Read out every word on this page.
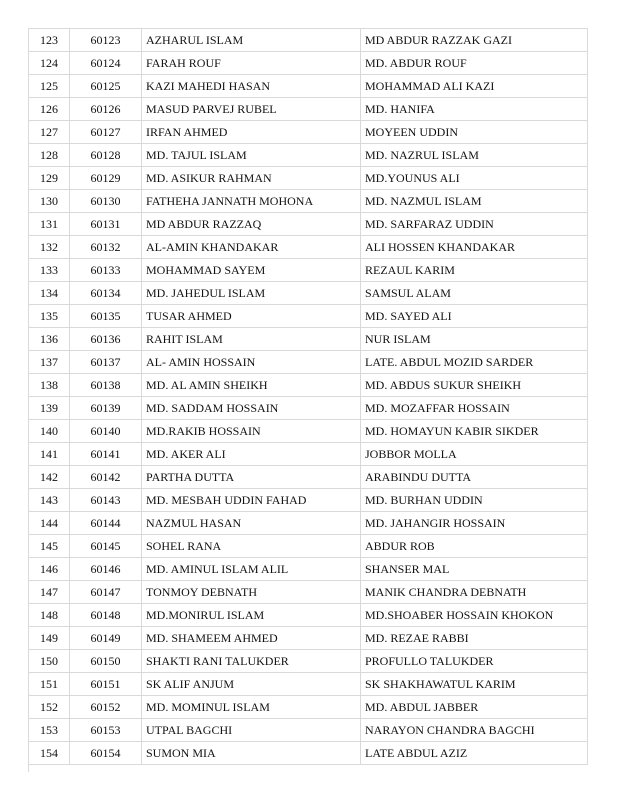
123	60123	AZHARUL ISLAM	MD ABDUR RAZZAK GAZI
124	60124	FARAH ROUF	MD. ABDUR ROUF
125	60125	KAZI MAHEDI HASAN	MOHAMMAD ALI KAZI
126	60126	MASUD PARVEJ RUBEL	MD. HANIFA
127	60127	IRFAN AHMED	MOYEEN UDDIN
128	60128	MD. TAJUL ISLAM	MD. NAZRUL ISLAM
129	60129	MD. ASIKUR RAHMAN	MD.YOUNUS ALI
130	60130	FATHEHA JANNATH MOHONA	MD. NAZMUL ISLAM
131	60131	MD ABDUR RAZZAQ	MD. SARFARAZ UDDIN
132	60132	AL-AMIN KHANDAKAR	ALI HOSSEN KHANDAKAR
133	60133	MOHAMMAD SAYEM	REZAUL KARIM
134	60134	MD. JAHEDUL ISLAM	SAMSUL ALAM
135	60135	TUSAR AHMED	MD. SAYED ALI
136	60136	RAHIT ISLAM	NUR ISLAM
137	60137	AL- AMIN HOSSAIN	LATE. ABDUL MOZID SARDER
138	60138	MD. AL AMIN SHEIKH	MD. ABDUS SUKUR SHEIKH
139	60139	MD. SADDAM HOSSAIN	MD. MOZAFFAR HOSSAIN
140	60140	MD.RAKIB HOSSAIN	MD. HOMAYUN KABIR SIKDER
141	60141	MD. AKER ALI	JOBBOR MOLLA
142	60142	PARTHA DUTTA	ARABINDU DUTTA
143	60143	MD. MESBAH UDDIN FAHAD	MD. BURHAN UDDIN
144	60144	NAZMUL HASAN	MD. JAHANGIR HOSSAIN
145	60145	SOHEL RANA	ABDUR ROB
146	60146	MD. AMINUL ISLAM ALIL	SHANSER MAL
147	60147	TONMOY DEBNATH	MANIK CHANDRA DEBNATH
148	60148	MD.MONIRUL ISLAM	MD.SHOABER HOSSAIN KHOKON
149	60149	MD. SHAMEEM AHMED	MD. REZAE RABBI
150	60150	SHAKTI RANI TALUKDER	PROFULLO TALUKDER
151	60151	SK ALIF ANJUM	SK SHAKHAWATUL KARIM
152	60152	MD. MOMINUL ISLAM	MD. ABDUL JABBER
153	60153	UTPAL BAGCHI	NARAYON CHANDRA BAGCHI
154	60154	SUMON MIA	LATE ABDUL AZIZ
